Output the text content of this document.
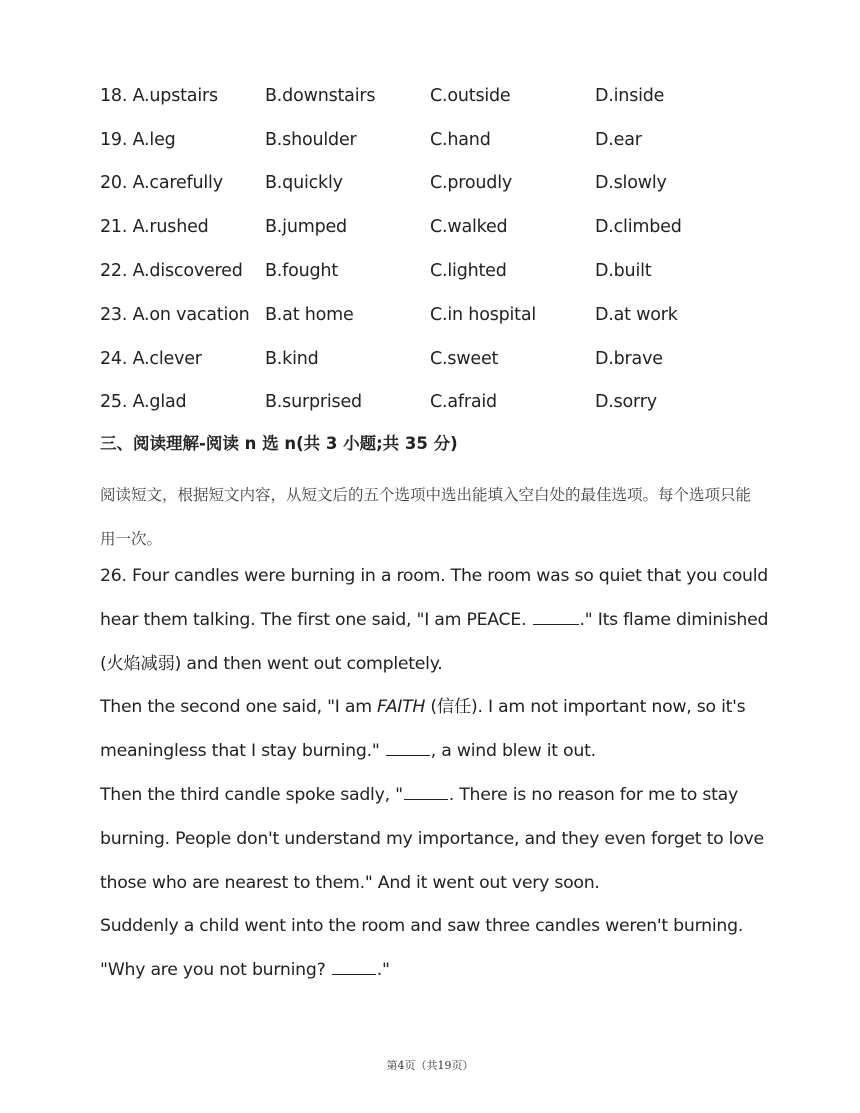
18. A.upstairs	B.downstairs	C.outside	D.inside
19. A.leg	B.shoulder	C.hand	D.ear
20. A.carefully	B.quickly	C.proudly	D.slowly
21. A.rushed	B.jumped	C.walked	D.climbed
22. A.discovered	B.fought	C.lighted	D.built
23. A.on vacation B.at home	C.in hospital	D.at work
24. A.clever	B.kind	C.sweet	D.brave
25. A.glad	B.surprised	C.afraid	D.sorry
三、阅读理解-阅读 n 选 n(共 3 小题;共 35 分)
阅读短文，根据短文内容，从短文后的五个选项中选出能填入空白处的最佳选项。每个选项只能用一次。

26. Four candles were burning in a room. The room was so quiet that you could hear them talking. The first one said, "I am PEACE.	." Its flame diminished (火焰减弱) and then went out completely.

Then the second one said, "I am FAITH (信任). I am not important now, so it's meaningless that I stay burning."	, a wind blew it out.

Then the third candle spoke sadly, "	. There is no reason for me to stay burning. People don't understand my importance, and they even forget to love those who are nearest to them." And it went out very soon.

Suddenly a child went into the room and saw three candles weren't burning. "Why are you not burning?	."

第4页（共19页）
